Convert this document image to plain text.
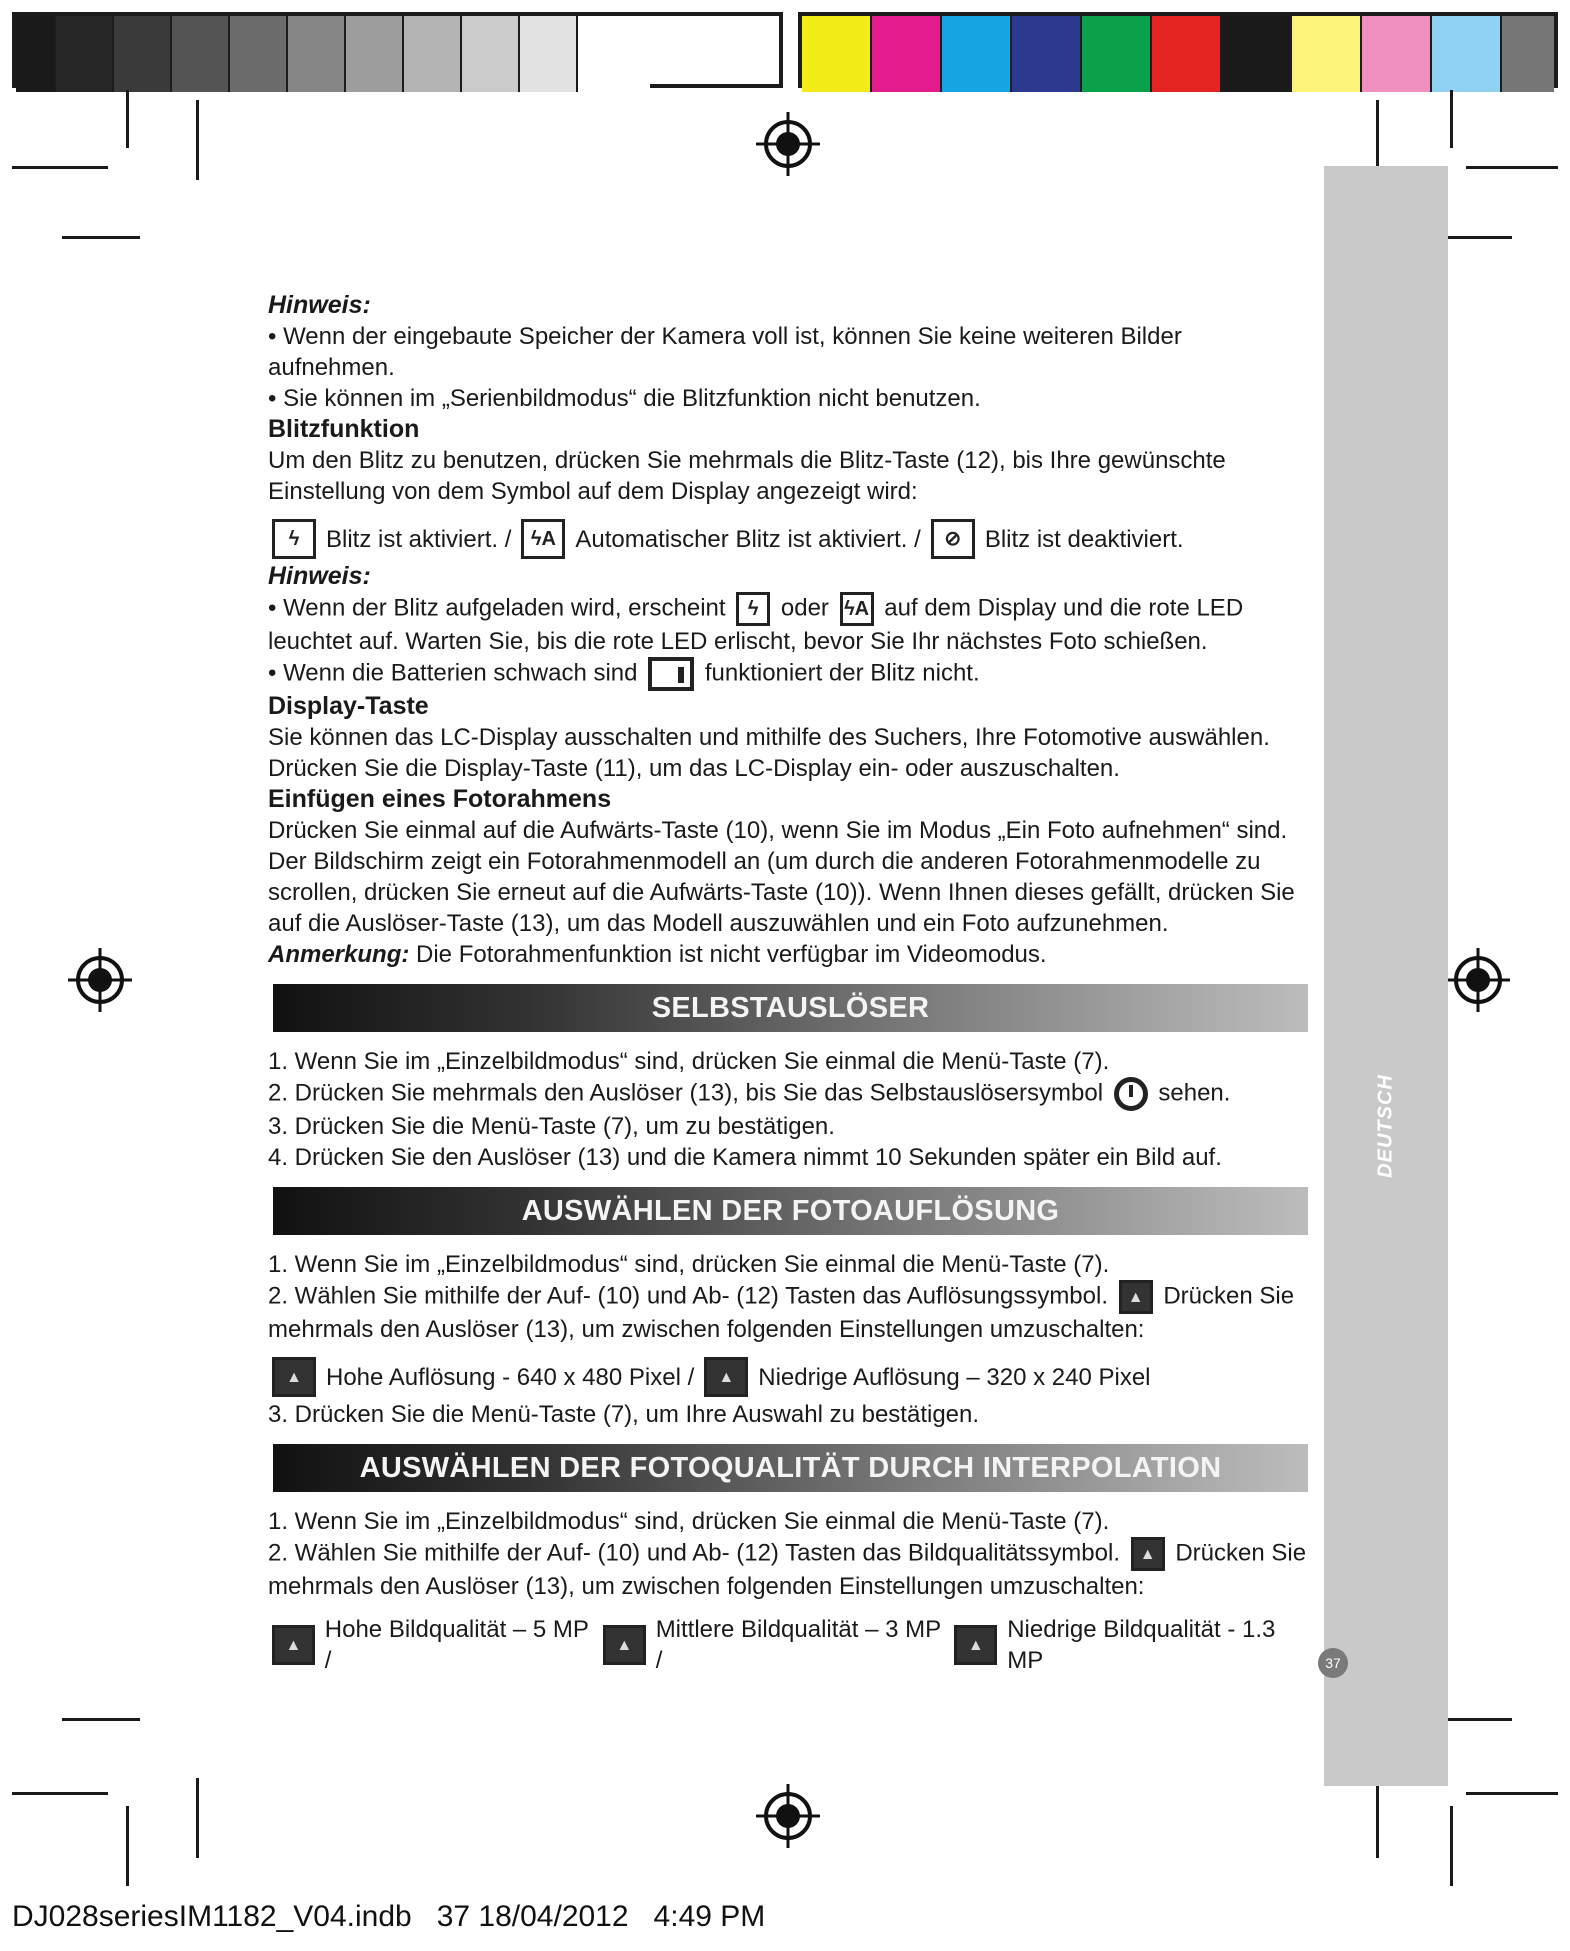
DEUTSCH
37

Hinweis:

• Wenn der eingebaute Speicher der Kamera voll ist, können Sie keine weiteren Bilder aufnehmen.

• Sie können im „Serienbildmodus“ die Blitzfunktion nicht benutzen.

Blitzfunktion

Um den Blitz zu benutzen, drücken Sie mehrmals die Blitz-Taste (12), bis Ihre gewünschte Einstellung von dem Symbol auf dem Display angezeigt wird:

ϟ	Blitz ist aktiviert. / ϟA Automatischer Blitz ist aktiviert. /	⊘ Blitz ist deaktiviert.

Hinweis:

• Wenn der Blitz aufgeladen wird, erscheint	ϟ oder ϟA auf dem Display und die rote LED leuchtet auf. Warten Sie, bis die rote LED erlischt, bevor Sie Ihr nächstes Foto schießen.

• Wenn die Batterien schwach sind	funktioniert der Blitz nicht.

Display-Taste

Sie können das LC-Display ausschalten und mithilfe des Suchers, Ihre Fotomotive auswählen.

Drücken Sie die Display-Taste (11), um das LC-Display ein- oder auszuschalten.

Einfügen eines Fotorahmens

Drücken Sie einmal auf die Aufwärts-Taste (10), wenn Sie im Modus „Ein Foto aufnehmen“ sind. Der Bildschirm zeigt ein Fotorahmenmodell an (um durch die anderen Fotorahmenmodelle zu scrollen, drücken Sie erneut auf die Aufwärts-Taste (10)). Wenn Ihnen dieses gefällt, drücken Sie auf die Auslöser-Taste (13), um das Modell auszuwählen und ein Foto aufzunehmen.

Anmerkung: Die Fotorahmenfunktion ist nicht verfügbar im Videomodus.

SELBSTAUSLÖSER

1. Wenn Sie im „Einzelbildmodus“ sind, drücken Sie einmal die Menü-Taste (7).

2. Drücken Sie mehrmals den Auslöser (13), bis Sie das Selbstauslösersymbol sehen.

3. Drücken Sie die Menü-Taste (7), um zu bestätigen.

4. Drücken Sie den Auslöser (13) und die Kamera nimmt 10 Sekunden später ein Bild auf.

AUSWÄHLEN DER FOTOAUFLÖSUNG

1. Wenn Sie im „Einzelbildmodus“ sind, drücken Sie einmal die Menü-Taste (7).

2. Wählen Sie mithilfe der Auf- (10) und Ab- (12) Tasten das Auflösungssymbol.	▲ Drücken Sie mehrmals den Auslöser (13), um zwischen folgenden Einstellungen umzuschalten:

▲	Hohe Auflösung - 640 x 480 Pixel /	▲	Niedrige Auflösung – 320 x 240 Pixel

3. Drücken Sie die Menü-Taste (7), um Ihre Auswahl zu bestätigen.

AUSWÄHLEN DER FOTOQUALITÄT DURCH INTERPOLATION

1. Wenn Sie im „Einzelbildmodus“ sind, drücken Sie einmal die Menü-Taste (7).

2. Wählen Sie mithilfe der Auf- (10) und Ab- (12) Tasten das Bildqualitätssymbol.	▲ Drücken Sie mehrmals den Auslöser (13), um zwischen folgenden Einstellungen umzuschalten:

▲
Hohe Bildqualität – 5 MP /
▲
Mittlere Bildqualität – 3 MP /
▲
Niedrige Bildqualität - 1.3 MP
DJ028seriesIM1182_V04.indb   37 18/04/2012   4:49 PM
